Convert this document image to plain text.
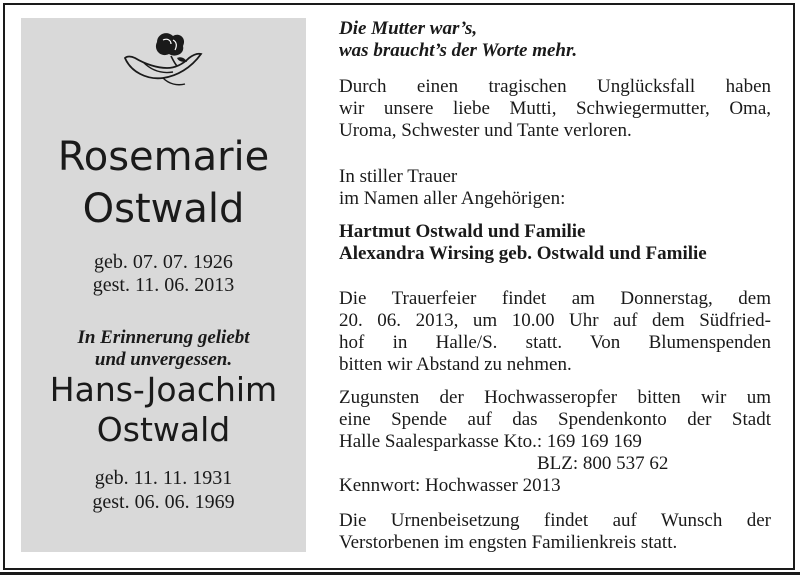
Rosemarie
Ostwald
geb. 07. 07. 1926
gest. 11. 06. 2013
In Erinnerung geliebt
und unvergessen.
Hans-Joachim
Ostwald
geb. 11. 11. 1931
gest. 06. 06. 1969
Die Mutter war’s,
was braucht’s der Worte mehr.
Durch einen tragischen Unglücksfall haben
wir unsere liebe Mutti, Schwiegermutter, Oma,
Uroma, Schwester und Tante verloren.
In stiller Trauer
im Namen aller Angehörigen:
Hartmut Ostwald und Familie
Alexandra Wirsing geb. Ostwald und Familie
Die Trauerfeier findet am Donnerstag, dem
20. 06. 2013, um 10.00 Uhr auf dem Südfried-
hof in Halle/S. statt. Von Blumenspenden
bitten wir Abstand zu nehmen.
Zugunsten der Hochwasseropfer bitten wir um
eine Spende auf das Spendenkonto der Stadt
Halle Saalesparkasse Kto.: 169 169 169
BLZ: 800 537 62
Kennwort: Hochwasser 2013
Die Urnenbeisetzung findet auf Wunsch der
Verstorbenen im engsten Familienkreis statt.
